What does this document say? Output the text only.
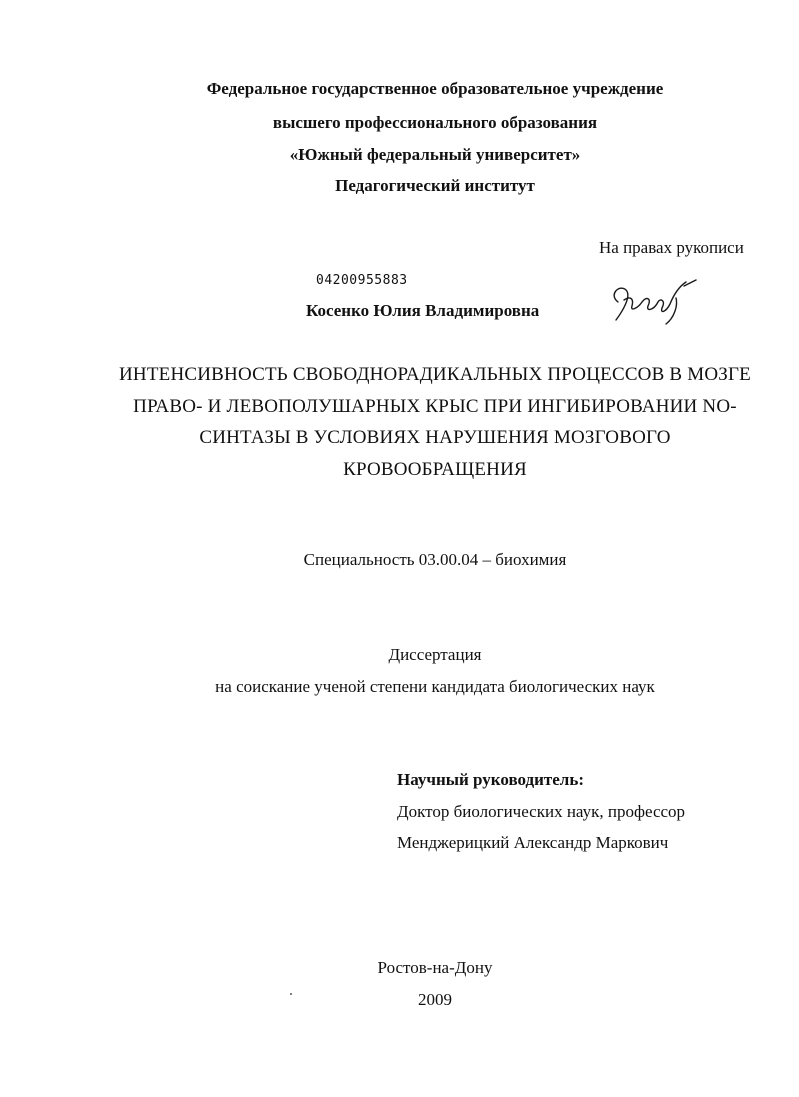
Федеральное государственное образовательное учреждение
высшего профессионального образования
«Южный федеральный университет»
Педагогический институт
На правах рукописи
04200955883
Косенко Юлия Владимировна
ИНТЕНСИВНОСТЬ СВОБОДНОРАДИКАЛЬНЫХ ПРОЦЕССОВ В МОЗГЕ
ПРАВО- И ЛЕВОПОЛУШАРНЫХ КРЫС ПРИ ИНГИБИРОВАНИИ NO-
СИНТАЗЫ В УСЛОВИЯХ НАРУШЕНИЯ МОЗГОВОГО
КРОВООБРАЩЕНИЯ
Специальность 03.00.04 – биохимия
Диссертация
на соискание ученой степени кандидата биологических наук
Научный руководитель:
Доктор биологических наук, профессор
Менджерицкий Александр Маркович
Ростов-на-Дону
2009
